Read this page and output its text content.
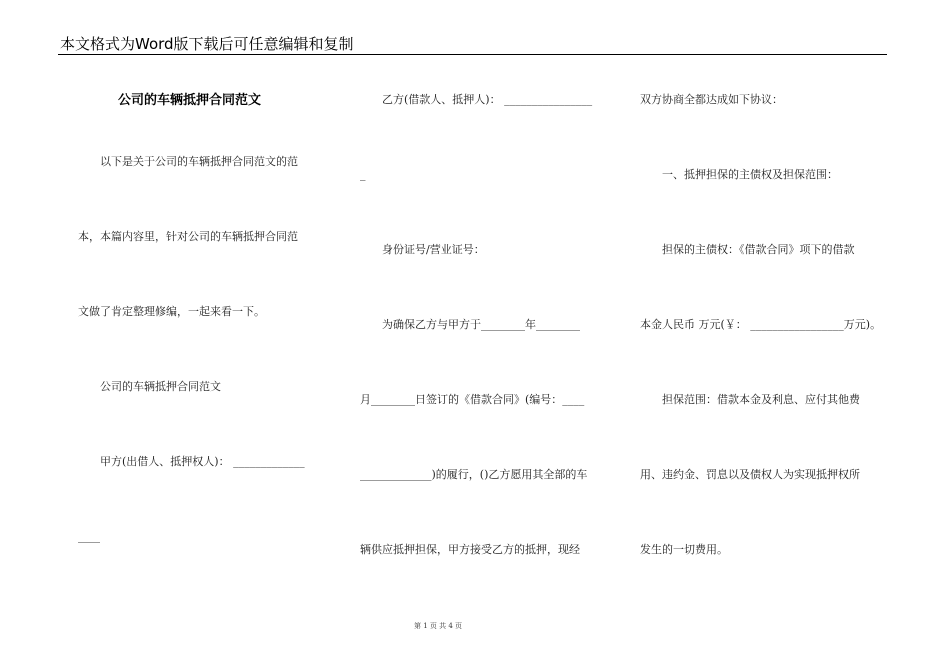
本文格式为Word版下载后可任意编辑和复制
公司的车辆抵押合同范文
以下是关于公司的车辆抵押合同范文的范
本，本篇内容里，针对公司的车辆抵押合同范
文做了肯定整理修编，一起来看一下。
公司的车辆抵押合同范文
甲方(出借人、抵押权人)： _____________
____
乙方(借款人、抵押人)： ________________
_
身份证号/营业证号：
为确保乙方与甲方于________年________
月________日签订的《借款合同》(编号：____
_____________)的履行，()乙方愿用其全部的车
辆供应抵押担保，甲方接受乙方的抵押，现经
双方协商全都达成如下协议：
一、抵押担保的主债权及担保范围：
担保的主债权：《借款合同》项下的借款
本金人民币 万元(￥： _________________万元)。
担保范围：借款本金及利息、应付其他费
用、违约金、罚息以及债权人为实现抵押权所
发生的一切费用。
第 1 页 共 4 页
